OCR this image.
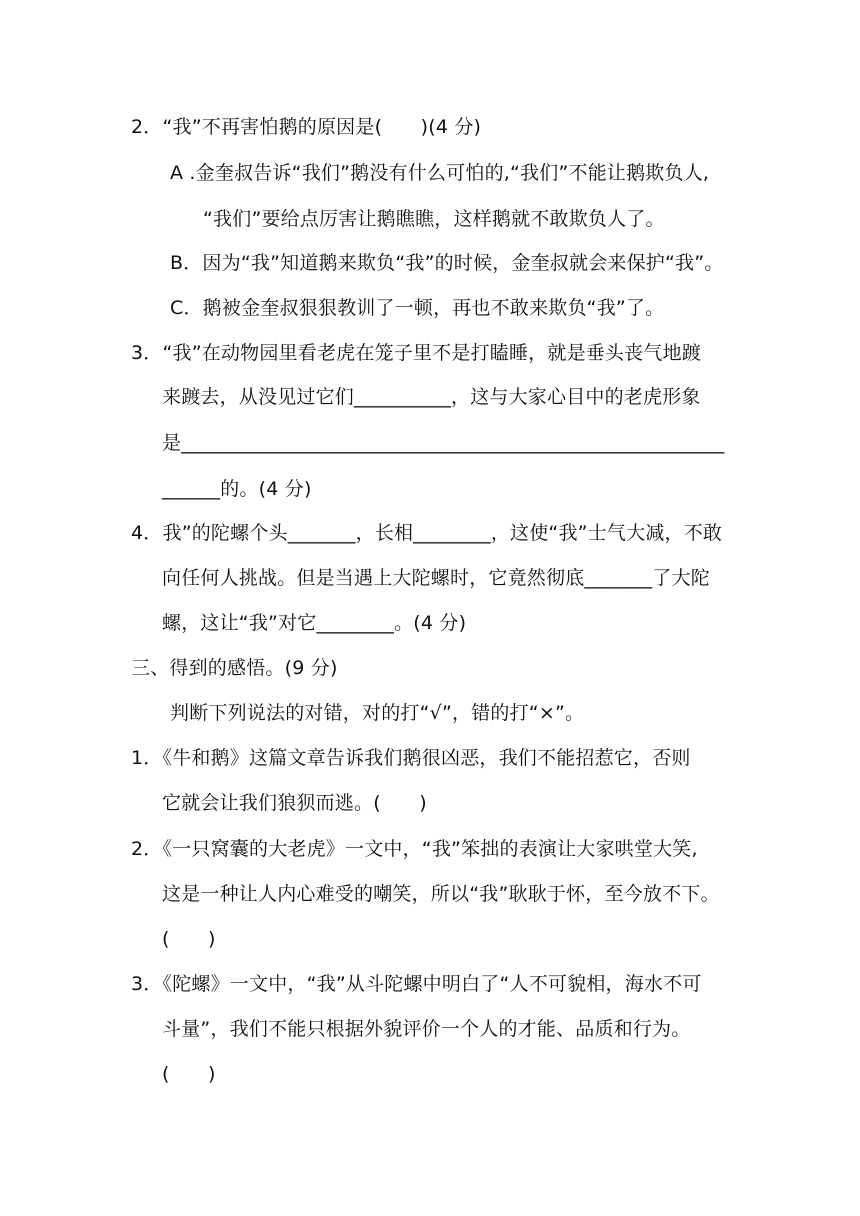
2．“我”不再害怕鹅的原因是(　　)(4 分)
A .金奎叔告诉“我们”鹅没有什么可怕的,“我们”不能让鹅欺负人,
“我们”要给点厉害让鹅瞧瞧，这样鹅就不敢欺负人了。
B．因为“我”知道鹅来欺负“我”的时候，金奎叔就会来保护“我”。
C．鹅被金奎叔狠狠教训了一顿，再也不敢来欺负“我”了。
3．“我”在动物园里看老虎在笼子里不是打瞌睡，就是垂头丧气地踱
来踱去，从没见过它们__________，这与大家心目中的老虎形象
是________________________________________________________
______的。(4 分)
4．我”的陀螺个头_______，长相________，这使“我”士气大减，不敢
向任何人挑战。但是当遇上大陀螺时，它竟然彻底_______了大陀
螺，这让“我”对它________。(4 分)
三、得到的感悟。(9 分)
判断下列说法的对错，对的打“√”，错的打“×”。
1．《牛和鹅》这篇文章告诉我们鹅很凶恶，我们不能招惹它，否则
它就会让我们狼狈而逃。(　　)
2．《一只窝囊的大老虎》一文中，“我”笨拙的表演让大家哄堂大笑,
这是一种让人内心难受的嘲笑，所以“我”耿耿于怀，至今放不下。
(　　)
3．《陀螺》一文中，“我”从斗陀螺中明白了“人不可貌相，海水不可
斗量”，我们不能只根据外貌评价一个人的才能、品质和行为。
(　　)
